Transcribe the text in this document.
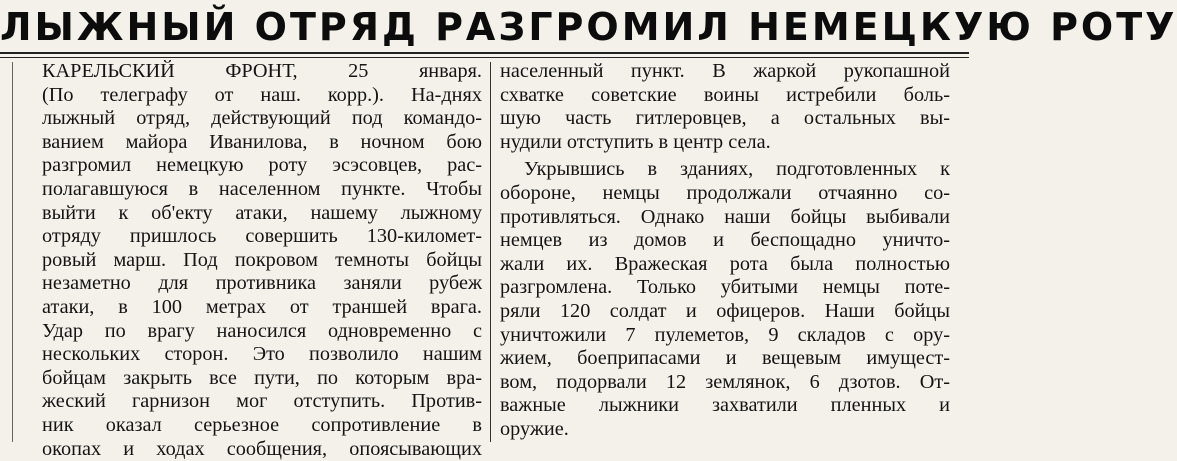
ЛЫЖНЫЙ ОТРЯД РАЗГРОМИЛ НЕМЕЦКУЮ РОТУ
КАРЕЛЬСКИЙ ФРОНТ, 25 января.
(По телеграфу от наш. корр.). На-днях
лыжный отряд, действующий под командо-
ванием майора Иванилова, в ночном бою
разгромил немецкую роту эсэсовцев, рас-
полагавшуюся в населенном пункте. Чтобы
выйти к об'екту атаки, нашему лыжному
отряду пришлось совершить 130-километ-
ровый марш. Под покровом темноты бойцы
незаметно для противника заняли рубеж
атаки, в 100 метрах от траншей врага.
Удар по врагу наносился одновременно с
нескольких сторон. Это позволило нашим
бойцам закрыть все пути, по которым вра-
жеский гарнизон мог отступить. Против-
ник оказал серьезное сопротивление в
окопах и ходах сообщения, опоясывающих
населенный пункт. В жаркой рукопашной
схватке советские воины истребили боль-
шую часть гитлеровцев, а остальных вы-
нудили отступить в центр села.
Укрывшись в зданиях, подготовленных к
обороне, немцы продолжали отчаянно со-
противляться. Однако наши бойцы выбивали
немцев из домов и беспощадно уничто-
жали их. Вражеская рота была полностью
разгромлена. Только убитыми немцы поте-
ряли 120 солдат и офицеров. Наши бойцы
уничтожили 7 пулеметов, 9 складов с ору-
жием, боеприпасами и вещевым имущест-
вом, подорвали 12 землянок, 6 дзотов. От-
важные лыжники захватили пленных и
оружие.
